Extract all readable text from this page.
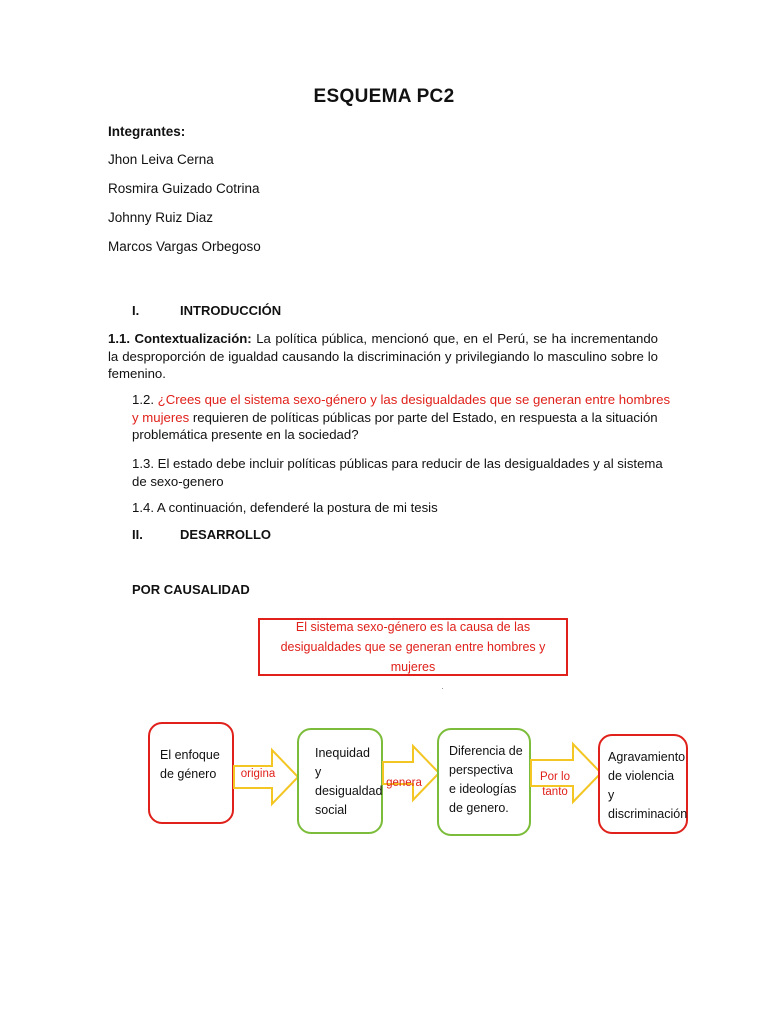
ESQUEMA PC2
Integrantes:
Jhon Leiva Cerna
Rosmira Guizado Cotrina
Johnny Ruiz Diaz
Marcos Vargas Orbegoso
I.	INTRODUCCIÓN
1.1. Contextualización: La política pública, mencionó que, en el Perú, se ha incrementando la desproporción de igualdad causando la discriminación y privilegiando lo masculino sobre lo femenino.
1.2. ¿Crees que el sistema sexo-género y las desigualdades que se generan entre hombres y mujeres requieren de políticas públicas por parte del Estado, en respuesta a la situación problemática presente en la sociedad?
1.3. El estado debe incluir políticas públicas para reducir de las desigualdades y al sistema de sexo-genero
1.4. A continuación, defenderé la postura de mi tesis
II.	DESARROLLO
POR CAUSALIDAD
El sistema sexo-género es la causa de las desigualdades que se generan entre hombres y mujeres
·
El enfoque de género	origina
Inequidad y desigualdad social
genera
Diferencia de perspectiva e ideologías de genero.
Por lo tanto
Agravamiento de violencia y discriminación
